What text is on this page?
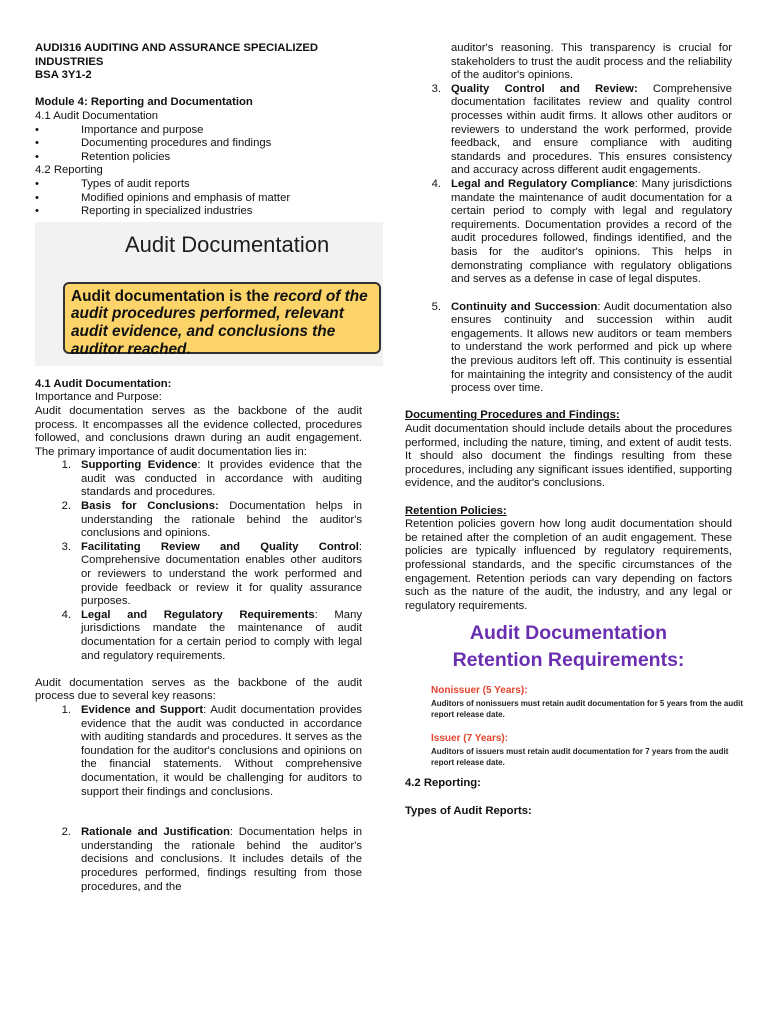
AUDI316 AUDITING AND ASSURANCE SPECIALIZED INDUSTRIES

BSA 3Y1-2

Module 4: Reporting and Documentation

4.1 Audit Documentation

•	Importance and purpose
•	Documenting procedures and findings
•	Retention policies

4.2 Reporting

•	Types of audit reports
•	Modified opinions and emphasis of matter
•	Reporting in specialized industries
Audit Documentation
Audit documentation is the record of the audit procedures performed, relevant audit evidence, and conclusions the auditor reached.

4.1 Audit Documentation:

Importance and Purpose:

Audit documentation serves as the backbone of the audit process. It encompasses all the evidence collected, procedures followed, and conclusions drawn during an audit engagement. The primary importance of audit documentation lies in:

1. Supporting Evidence: It provides evidence that the audit was conducted in accordance with auditing standards and procedures.
2. Basis for Conclusions: Documentation helps in understanding the rationale behind the auditor's conclusions and opinions.
3. Facilitating Review and Quality Control: Comprehensive documentation enables other auditors or reviewers to understand the work performed and provide feedback or review it for quality assurance purposes.
4. Legal and Regulatory Requirements: Many jurisdictions mandate the maintenance of audit documentation for a certain period to comply with legal and regulatory requirements.

Audit documentation serves as the backbone of the audit process due to several key reasons:

1. Evidence and Support: Audit documentation provides evidence that the audit was conducted in accordance with auditing standards and procedures. It serves as the foundation for the auditor's conclusions and opinions on the financial statements. Without comprehensive documentation, it would be challenging for auditors to support their findings and conclusions.
2. Rationale and Justification: Documentation helps in understanding the rationale behind the auditor's decisions and conclusions. It includes details of the procedures performed, findings resulting from those procedures, and the
auditor's reasoning. This transparency is crucial for stakeholders to trust the audit process and the reliability of the auditor's opinions.
3. Quality Control and Review: Comprehensive documentation facilitates review and quality control processes within audit firms. It allows other auditors or reviewers to understand the work performed, provide feedback, and ensure compliance with auditing standards and procedures. This ensures consistency and accuracy across different audit engagements.
4. Legal and Regulatory Compliance: Many jurisdictions mandate the maintenance of audit documentation for a certain period to comply with legal and regulatory requirements. Documentation provides a record of the audit procedures followed, findings identified, and the basis for the auditor's opinions. This helps in demonstrating compliance with regulatory obligations and serves as a defense in case of legal disputes.
5. Continuity and Succession: Audit documentation also ensures continuity and succession within audit engagements. It allows new auditors or team members to understand the work performed and pick up where the previous auditors left off. This continuity is essential for maintaining the integrity and consistency of the audit process over time.

Documenting Procedures and Findings:

Audit documentation should include details about the procedures performed, including the nature, timing, and extent of audit tests. It should also document the findings resulting from these procedures, including any significant issues identified, supporting evidence, and the auditor's conclusions.

Retention Policies:

Retention policies govern how long audit documentation should be retained after the completion of an audit engagement. These policies are typically influenced by regulatory requirements, professional standards, and the specific circumstances of the engagement. Retention periods can vary depending on factors such as the nature of the audit, the industry, and any legal or regulatory requirements.

Audit Documentation
Retention Requirements:
Nonissuer (5 Years):
Auditors of nonissuers must retain audit documentation for 5 years from the audit report release date.
Issuer (7 Years):
Auditors of issuers must retain audit documentation for 7 years from the audit report release date.

4.2 Reporting:

Types of Audit Reports:
